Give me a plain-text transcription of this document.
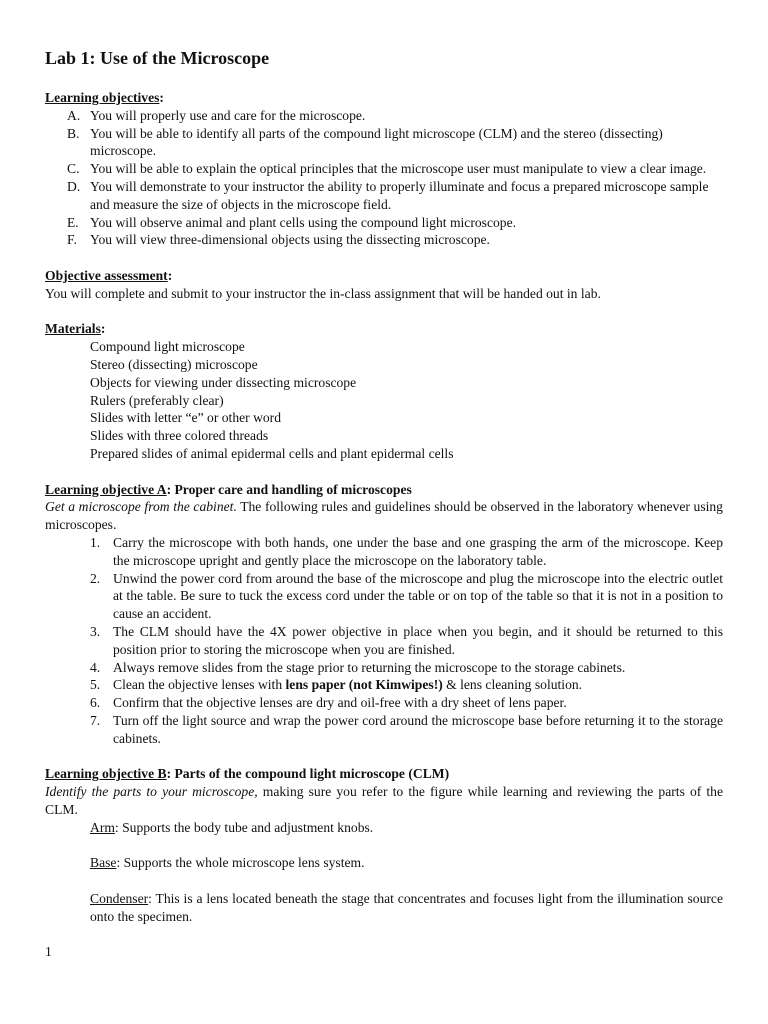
Lab 1: Use of the Microscope
Learning objectives:
A. You will properly use and care for the microscope.
B. You will be able to identify all parts of the compound light microscope (CLM) and the stereo (dissecting) microscope.
C. You will be able to explain the optical principles that the microscope user must manipulate to view a clear image.
D. You will demonstrate to your instructor the ability to properly illuminate and focus a prepared microscope sample and measure the size of objects in the microscope field.
E. You will observe animal and plant cells using the compound light microscope.
F. You will view three-dimensional objects using the dissecting microscope.
Objective assessment:

You will complete and submit to your instructor the in-class assignment that will be handed out in lab.

Materials:
Compound light microscope
Stereo (dissecting) microscope
Objects for viewing under dissecting microscope
Rulers (preferably clear)
Slides with letter “e” or other word
Slides with three colored threads
Prepared slides of animal epidermal cells and plant epidermal cells
Learning objective A: Proper care and handling of microscopes

Get a microscope from the cabinet. The following rules and guidelines should be observed in the laboratory whenever using microscopes.

1. Carry the microscope with both hands, one under the base and one grasping the arm of the microscope. Keep the microscope upright and gently place the microscope on the laboratory table.
2. Unwind the power cord from around the base of the microscope and plug the microscope into the electric outlet at the table. Be sure to tuck the excess cord under the table or on top of the table so that it is not in a position to cause an accident.
3. The CLM should have the 4X power objective in place when you begin, and it should be returned to this position prior to storing the microscope when you are finished.
4. Always remove slides from the stage prior to returning the microscope to the storage cabinets.
5. Clean the objective lenses with lens paper (not Kimwipes!) & lens cleaning solution.
6. Confirm that the objective lenses are dry and oil-free with a dry sheet of lens paper.
7. Turn off the light source and wrap the power cord around the microscope base before returning it to the storage cabinets.
Learning objective B: Parts of the compound light microscope (CLM)

Identify the parts to your microscope, making sure you refer to the figure while learning and reviewing the parts of the CLM.

Arm: Supports the body tube and adjustment knobs.
Base: Supports the whole microscope lens system.
Condenser: This is a lens located beneath the stage that concentrates and focuses light from the illumination source onto the specimen.
1
